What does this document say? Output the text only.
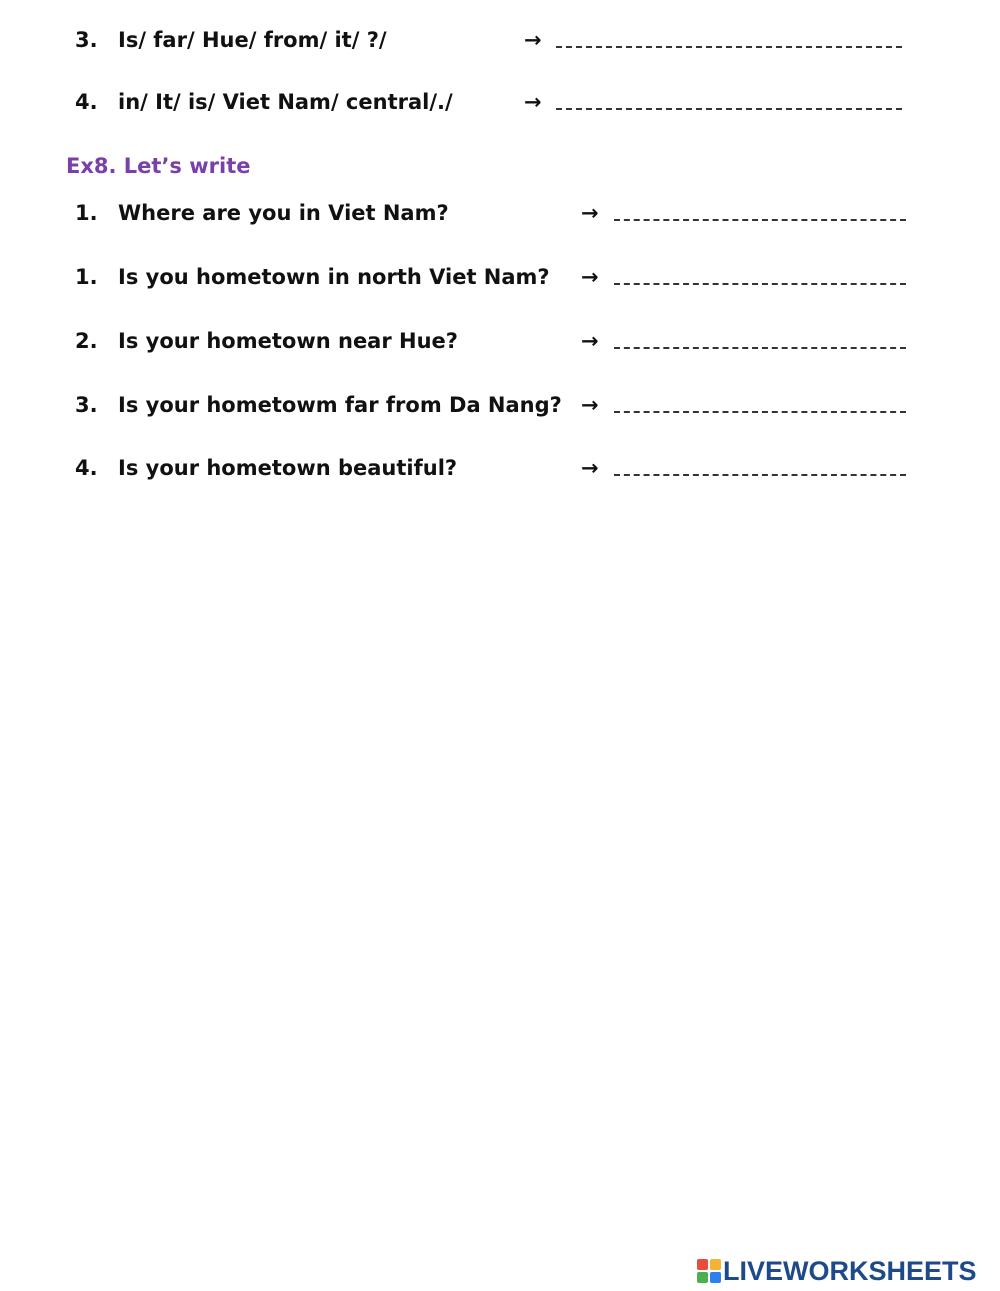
3. Is/ far/ Hue/ from/ it/ ?/	→
4. in/ It/ is/ Viet Nam/ central/./	→
Ex8. Let’s write
1. Where are you in Viet Nam?	→
1. Is you hometown in north Viet Nam? →
2. Is your hometown near Hue?	→
3. Is your hometowm far from Da Nang? →
4. Is your hometown beautiful?	→
LIVEWORKSHEETS
